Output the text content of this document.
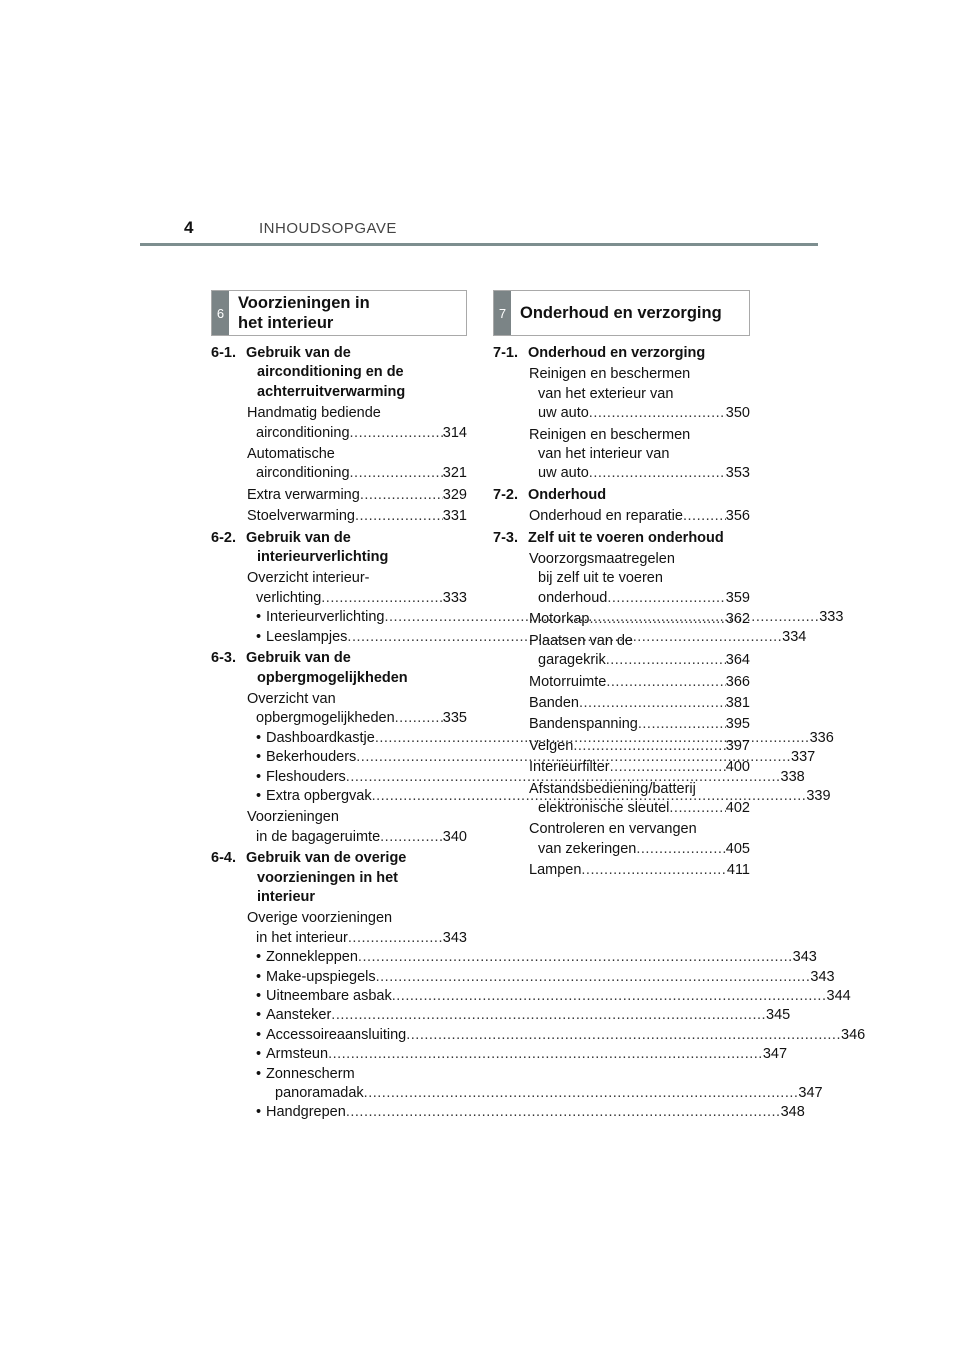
4	INHOUDSOPGAVE
6
Voorzieningen in
het interieur
6-1. Gebruik van de
airconditioning en de
achterruitverwarming
Handmatig bediende
airconditioning .....	314
Automatische
airconditioning .....	321
Extra verwarming .....	329
Stoelverwarming .....	331
6-2. Gebruik van de
interieurverlichting
Overzicht interieur-
verlichting .....	333
• Interieurverlichting .....	333
• Leeslampjes .....	334
6-3. Gebruik van de
opbergmogelijkheden
Overzicht van
opbergmogelijkheden .....	335
• Dashboardkastje .....	336
• Bekerhouders .....	337
• Fleshouders .....	338
• Extra opbergvak .....	339
Voorzieningen
in de bagageruimte .....	340
6-4. Gebruik van de overige
voorzieningen in het
interieur
Overige voorzieningen
in het interieur .....	343
• Zonnekleppen .....	343
• Make-upspiegels .....	343
• Uitneembare asbak .....	344
• Aansteker .....	345
• Accessoireaansluiting .....	346
• Armsteun .....	347
• Zonnescherm
panoramadak .....	347
• Handgrepen .....	348
7 Onderhoud en verzorging
7-1. Onderhoud en verzorging
Reinigen en beschermen
van het exterieur van
uw auto .....	350
Reinigen en beschermen
van het interieur van
uw auto .....	353
7-2. Onderhoud
Onderhoud en reparatie .....	356
7-3. Zelf uit te voeren onderhoud
Voorzorgsmaatregelen
bij zelf uit te voeren
onderhoud .....	359
Motorkap .....	362
Plaatsen van de
garagekrik .....	364
Motorruimte .....	366
Banden .....	381
Bandenspanning .....	395
Velgen .....	397
Interieurfilter .....	400
Afstandsbediening/batterij
elektronische sleutel .....	402
Controleren en vervangen
van zekeringen .....	405
Lampen .....	411
